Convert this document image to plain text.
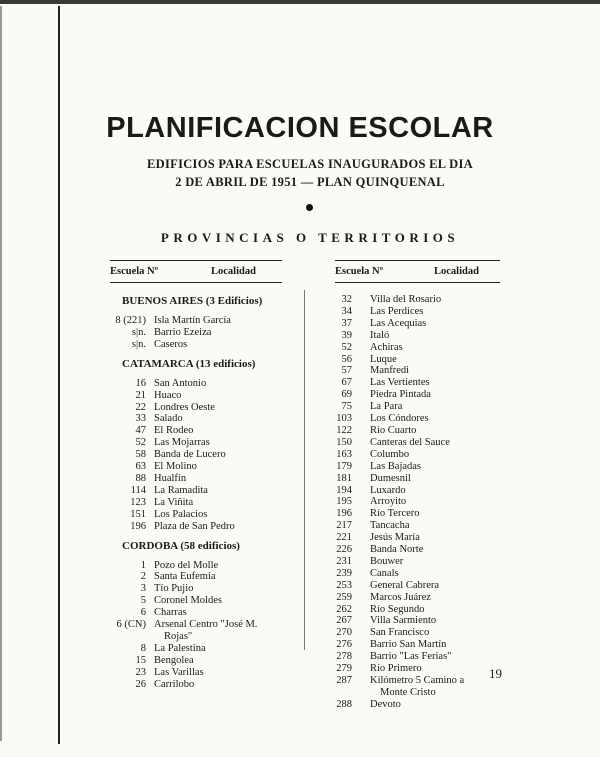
PLANIFICACION ESCOLAR
EDIFICIOS PARA ESCUELAS INAUGURADOS EL DIA
2 DE ABRIL DE 1951 — PLAN QUINQUENAL
PROVINCIAS O TERRITORIOS
Escuela Nº	Localidad	Escuela Nº	Localidad
BUENOS AIRES (3 Edificios)
8 (221) Isla Martín García
s|n. Barrio Ezeiza
s|n. Caseros
CATAMARCA (13 edificios)
16 San Antonio
21 Huaco
22 Londres Oeste
33 Salado
47 El Rodeo
52 Las Mojarras
58 Banda de Lucero
63 El Molino
88 Hualfin
114 La Ramadita
123 La Viñita
151 Los Palacios
196 Plaza de San Pedro
CORDOBA (58 edificios)
1 Pozo del Molle
2 Santa Eufemia
3 Tío Pujio
5 Coronel Moldes
6 Charras
6 (CN) Arsenal Centro "José M.
Rojas"
8 La Palestina
15 Bengolea
23 Las Varillas
26 Carrilobo
32	Villa del Rosario
34	Las Perdices
37	Las Acequias
39	Italó
52	Achiras
56	Luque
57	Manfredi
67	Las Vertientes
69	Piedra Pintada
75	La Para
103	Los Cóndores
122	Río Cuarto
150	Canteras del Sauce
163	Columbo
179	Las Bajadas
181	Dumesnil
194	Luxardo
195	Arroyito
196	Río Tercero
217	Tancacha
221	Jesús María
226	Banda Norte
231	Bouwer
239	Canals
253	General Cabrera
259	Marcos Juárez
262	Río Segundo
267	Villa Sarmiento
270	San Francisco
276	Barrio San Martín
278	Barrio "Las Ferias"
279	Río Primero
287	Kilómetro 5 Camino a
Monte Cristo
288	Devoto
19
